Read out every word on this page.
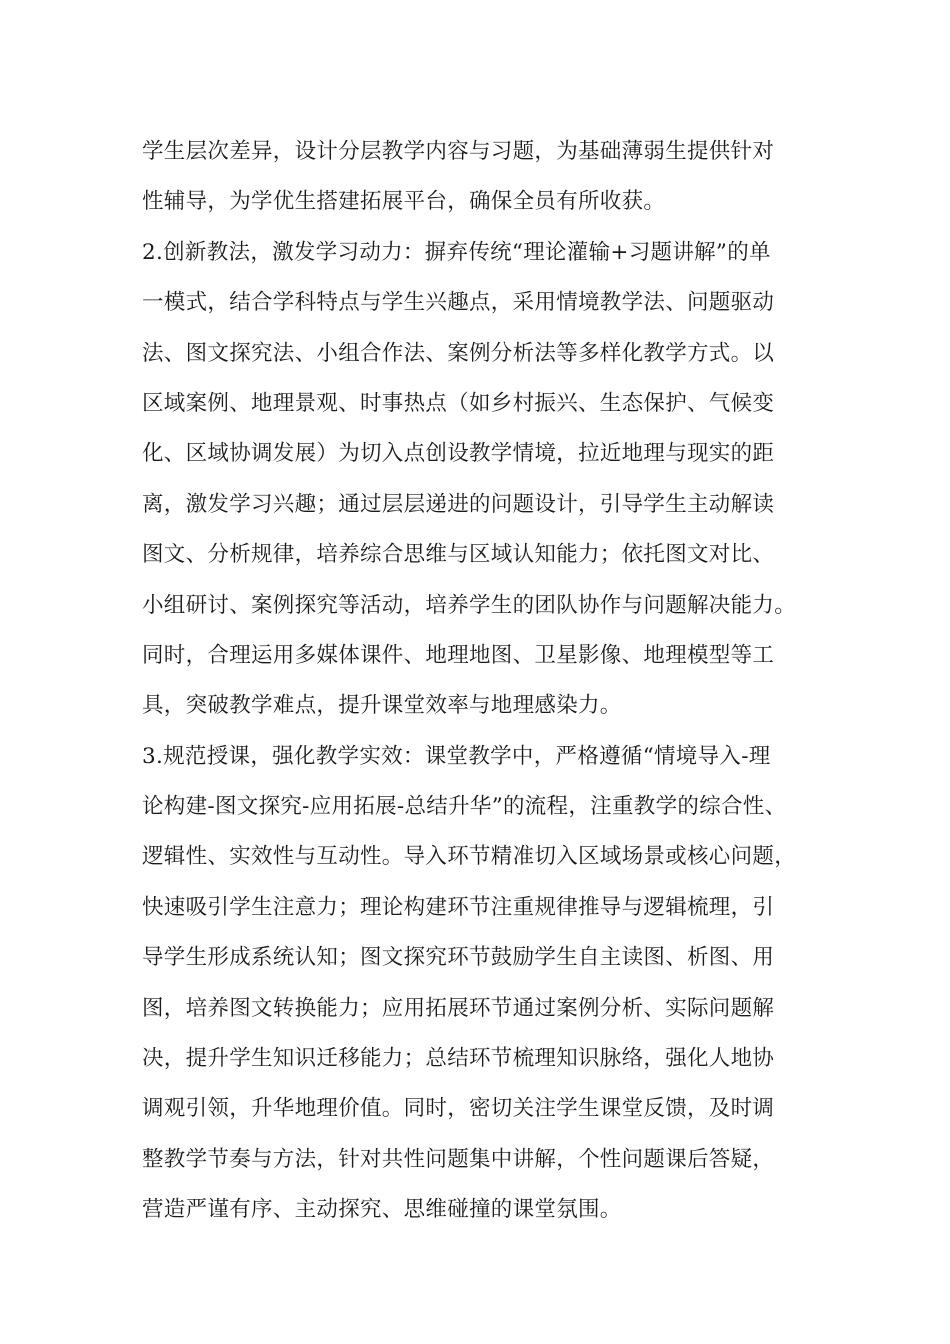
学生层次差异，设计分层教学内容与习题，为基础薄弱生提供针对
性辅导，为学优生搭建拓展平台，确保全员有所收获。
2.创新教法，激发学习动力：摒弃传统“理论灌输+习题讲解”的单
一模式，结合学科特点与学生兴趣点，采用情境教学法、问题驱动
法、图文探究法、小组合作法、案例分析法等多样化教学方式。以
区域案例、地理景观、时事热点（如乡村振兴、生态保护、气候变
化、区域协调发展）为切入点创设教学情境，拉近地理与现实的距
离，激发学习兴趣；通过层层递进的问题设计，引导学生主动解读
图文、分析规律，培养综合思维与区域认知能力；依托图文对比、
小组研讨、案例探究等活动，培养学生的团队协作与问题解决能力。
同时，合理运用多媒体课件、地理地图、卫星影像、地理模型等工
具，突破教学难点，提升课堂效率与地理感染力。
3.规范授课，强化教学实效：课堂教学中，严格遵循“情境导入-理
论构建-图文探究-应用拓展-总结升华”的流程，注重教学的综合性、
逻辑性、实效性与互动性。导入环节精准切入区域场景或核心问题，
快速吸引学生注意力；理论构建环节注重规律推导与逻辑梳理，引
导学生形成系统认知；图文探究环节鼓励学生自主读图、析图、用
图，培养图文转换能力；应用拓展环节通过案例分析、实际问题解
决，提升学生知识迁移能力；总结环节梳理知识脉络，强化人地协
调观引领，升华地理价值。同时，密切关注学生课堂反馈，及时调
整教学节奏与方法，针对共性问题集中讲解，个性问题课后答疑，
营造严谨有序、主动探究、思维碰撞的课堂氛围。
